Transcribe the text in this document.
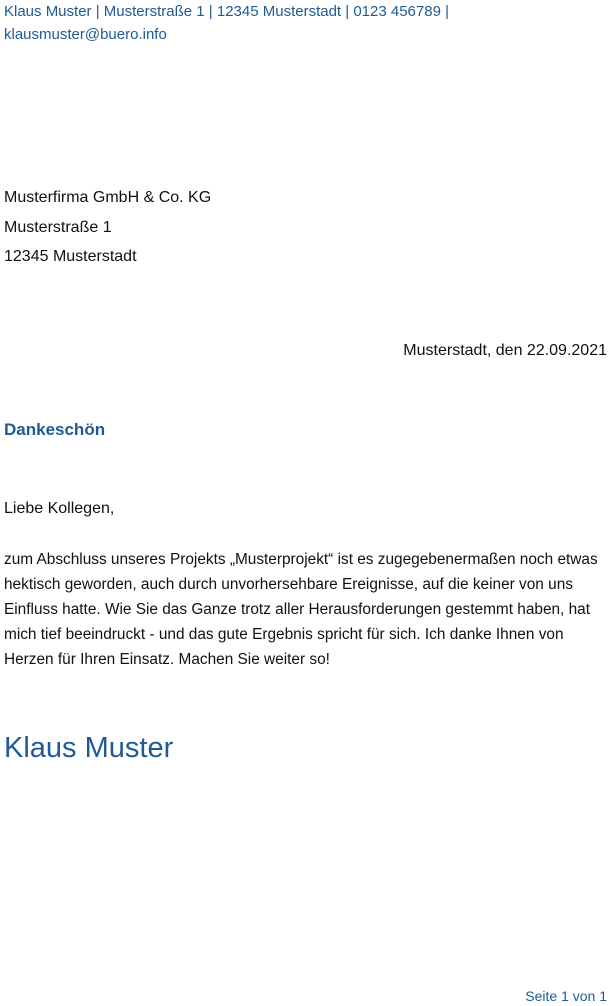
Klaus Muster | Musterstraße 1 | 12345 Musterstadt | 0123 456789 | klausmuster@buero.info
Musterfirma GmbH & Co. KG
Musterstraße 1
12345 Musterstadt
Musterstadt, den 22.09.2021
Dankeschön
Liebe Kollegen,
zum Abschluss unseres Projekts „Musterprojekt“ ist es zugegebenermaßen noch etwas hektisch geworden, auch durch unvorhersehbare Ereignisse, auf die keiner von uns Einfluss hatte. Wie Sie das Ganze trotz aller Herausforderungen gestemmt haben, hat mich tief beeindruckt - und das gute Ergebnis spricht für sich. Ich danke Ihnen von Herzen für Ihren Einsatz. Machen Sie weiter so!
Klaus Muster
Seite 1 von 1
